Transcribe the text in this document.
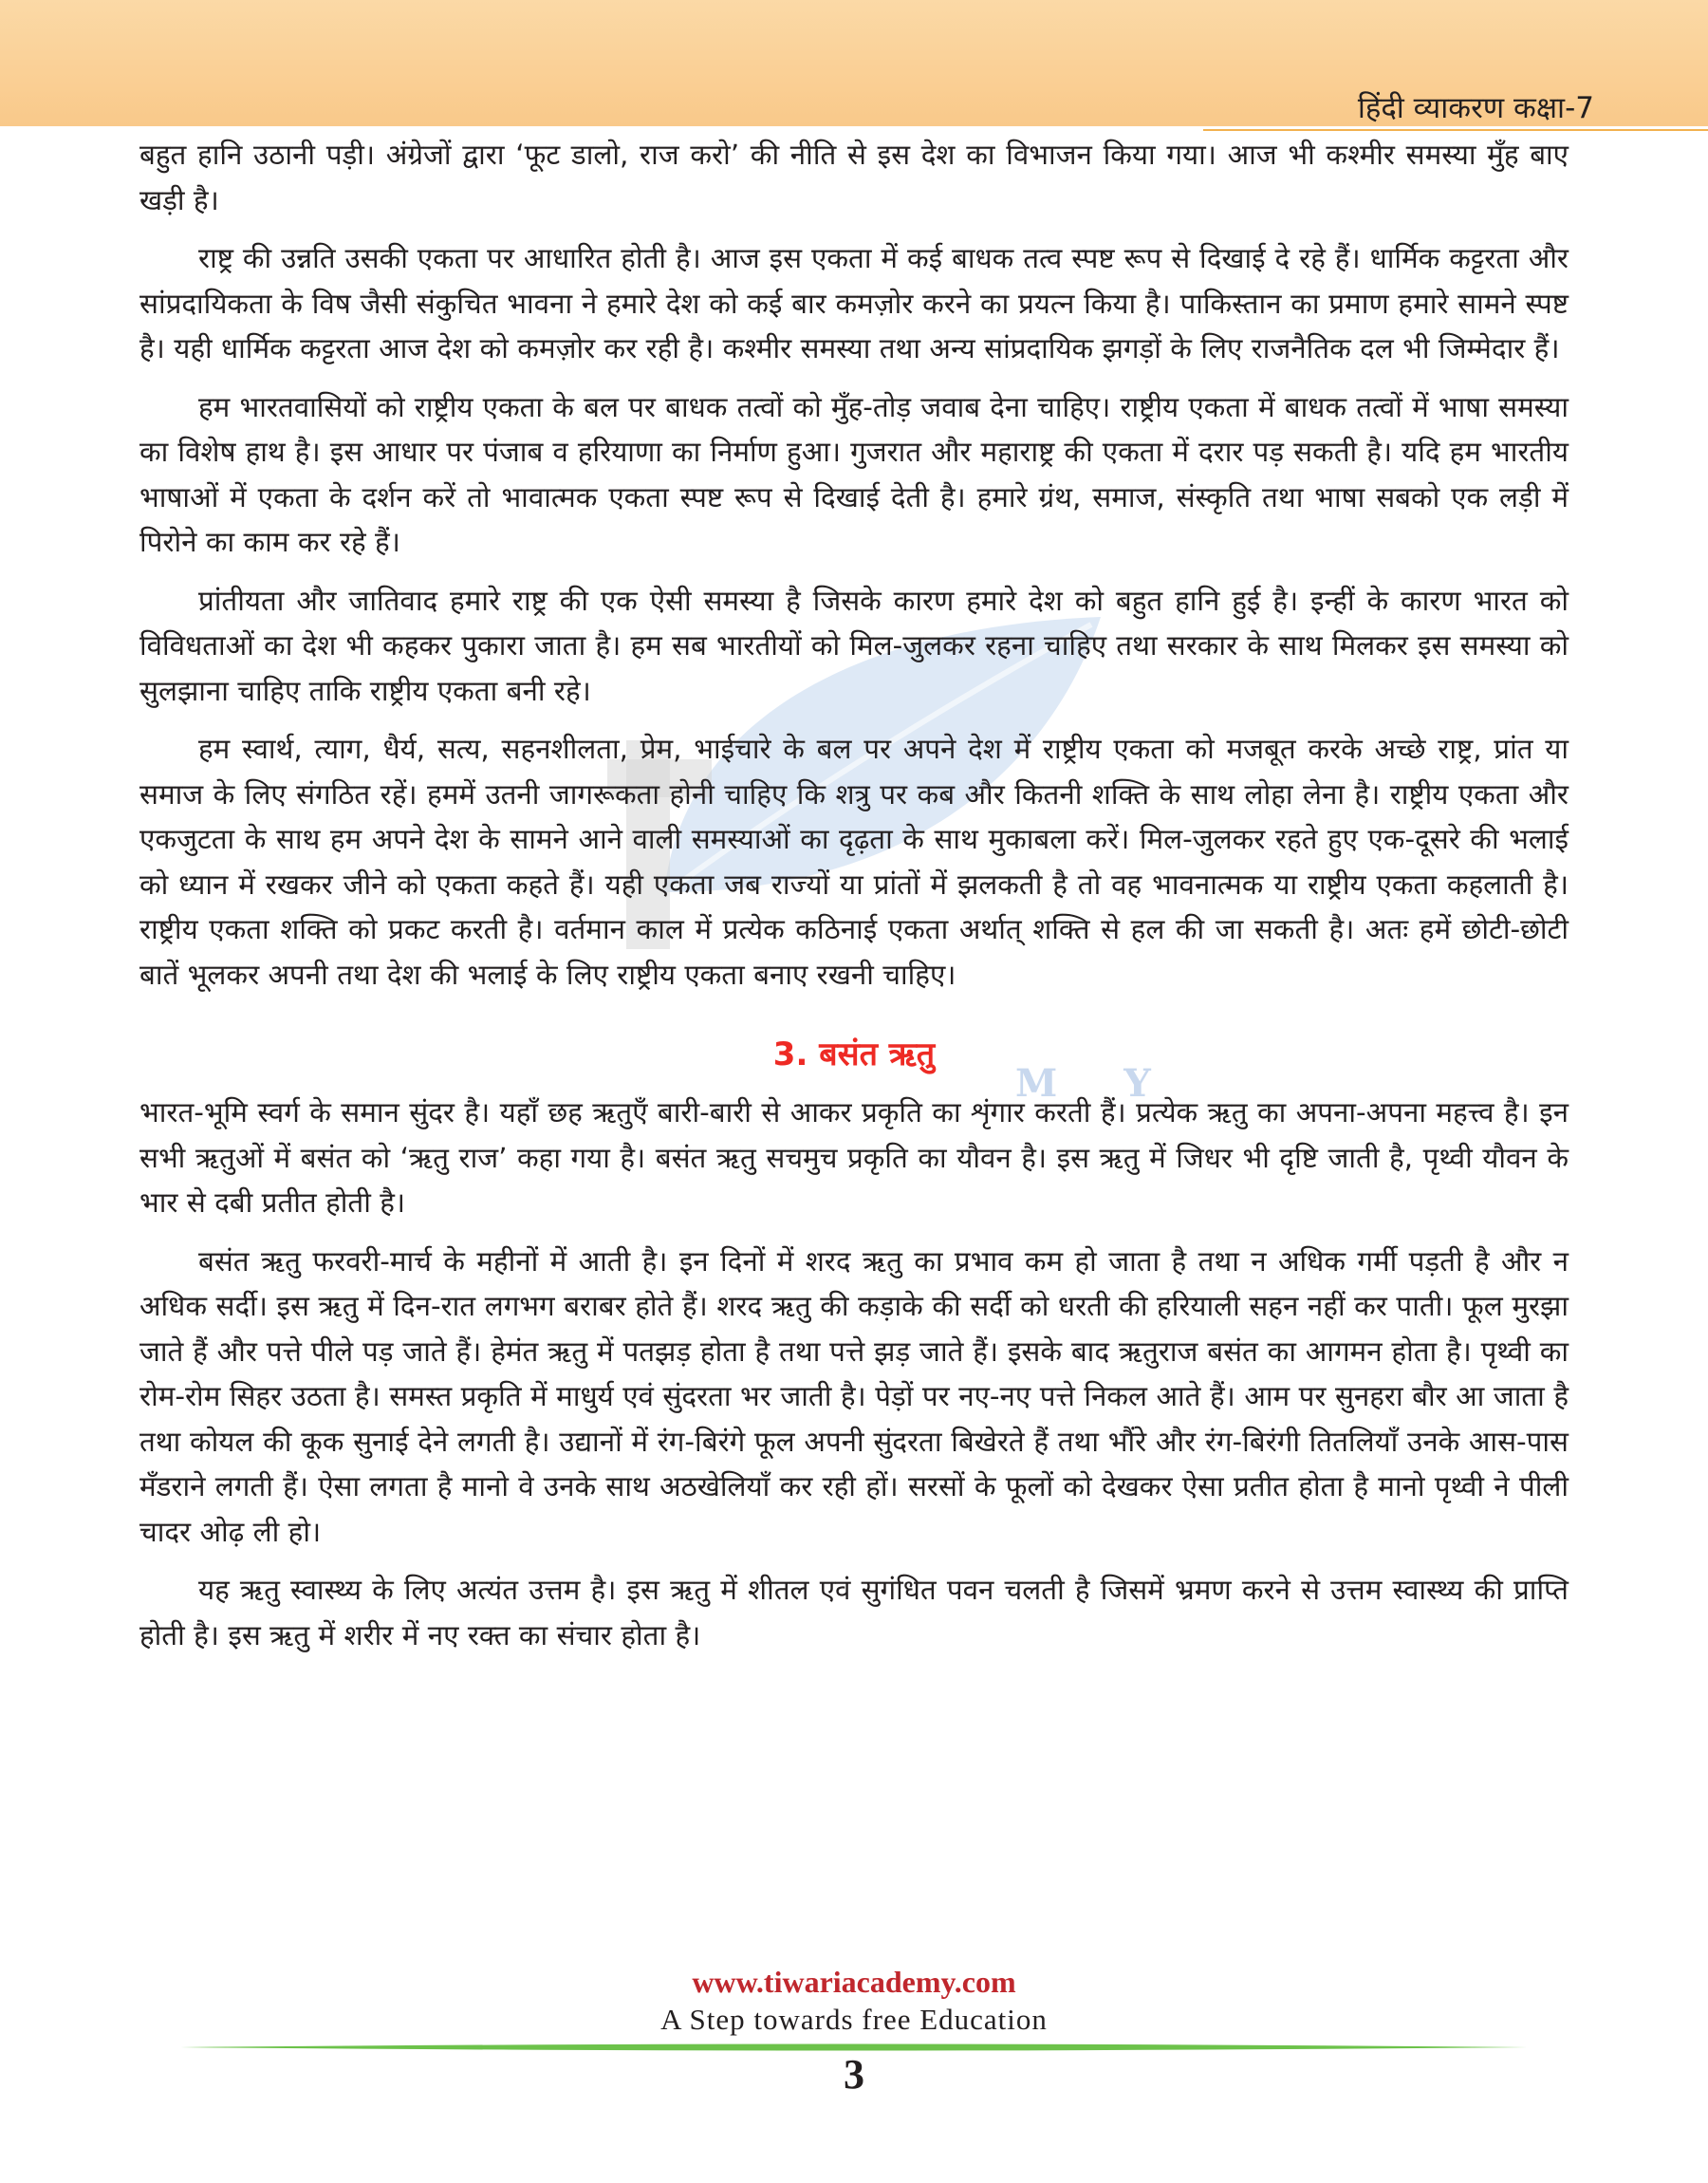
हिंदी व्याकरण कक्षा-7
M Y

बहुत हानि उठानी पड़ी। अंग्रेजों द्वारा ‘फूट डालो, राज करो’ की नीति से इस देश का विभाजन किया गया। आज भी कश्मीर समस्या मुँह बाए खड़ी है।

राष्ट्र की उन्नति उसकी एकता पर आधारित होती है। आज इस एकता में कई बाधक तत्व स्पष्ट रूप से दिखाई दे रहे हैं। धार्मिक कट्टरता और सांप्रदायिकता के विष जैसी संकुचित भावना ने हमारे देश को कई बार कमज़ोर करने का प्रयत्न किया है। पाकिस्तान का प्रमाण हमारे सामने स्पष्ट है। यही धार्मिक कट्टरता आज देश को कमज़ोर कर रही है। कश्मीर समस्या तथा अन्य सांप्रदायिक झगड़ों के लिए राजनैतिक दल भी जिम्मेदार हैं।

हम भारतवासियों को राष्ट्रीय एकता के बल पर बाधक तत्वों को मुँह-तोड़ जवाब देना चाहिए। राष्ट्रीय एकता में बाधक तत्वों में भाषा समस्या का विशेष हाथ है। इस आधार पर पंजाब व हरियाणा का निर्माण हुआ। गुजरात और महाराष्ट्र की एकता में दरार पड़ सकती है। यदि हम भारतीय भाषाओं में एकता के दर्शन करें तो भावात्मक एकता स्पष्ट रूप से दिखाई देती है। हमारे ग्रंथ, समाज, संस्कृति तथा भाषा सबको एक लड़ी में पिरोने का काम कर रहे हैं।

प्रांतीयता और जातिवाद हमारे राष्ट्र की एक ऐसी समस्या है जिसके कारण हमारे देश को बहुत हानि हुई है। इन्हीं के कारण भारत को विविधताओं का देश भी कहकर पुकारा जाता है। हम सब भारतीयों को मिल-जुलकर रहना चाहिए तथा सरकार के साथ मिलकर इस समस्या को सुलझाना चाहिए ताकि राष्ट्रीय एकता बनी रहे।

हम स्वार्थ, त्याग, धैर्य, सत्य, सहनशीलता, प्रेम, भाईचारे के बल पर अपने देश में राष्ट्रीय एकता को मजबूत करके अच्छे राष्ट्र, प्रांत या समाज के लिए संगठित रहें। हममें उतनी जागरूकता होनी चाहिए कि शत्रु पर कब और कितनी शक्ति के साथ लोहा लेना है। राष्ट्रीय एकता और एकजुटता के साथ हम अपने देश के सामने आने वाली समस्याओं का दृढ़ता के साथ मुकाबला करें। मिल-जुलकर रहते हुए एक-दूसरे की भलाई को ध्यान में रखकर जीने को एकता कहते हैं। यही एकता जब राज्यों या प्रांतों में झलकती है तो वह भावनात्मक या राष्ट्रीय एकता कहलाती है। राष्ट्रीय एकता शक्ति को प्रकट करती है। वर्तमान काल में प्रत्येक कठिनाई एकता अर्थात् शक्ति से हल की जा सकती है। अतः हमें छोटी-छोटी बातें भूलकर अपनी तथा देश की भलाई के लिए राष्ट्रीय एकता बनाए रखनी चाहिए।

3. बसंत ऋतु

भारत-भूमि स्वर्ग के समान सुंदर है। यहाँ छह ऋतुएँ बारी-बारी से आकर प्रकृति का शृंगार करती हैं। प्रत्येक ऋतु का अपना-अपना महत्त्व है। इन सभी ऋतुओं में बसंत को ‘ऋतु राज’ कहा गया है। बसंत ऋतु सचमुच प्रकृति का यौवन है। इस ऋतु में जिधर भी दृष्टि जाती है, पृथ्वी यौवन के भार से दबी प्रतीत होती है।

बसंत ऋतु फरवरी-मार्च के महीनों में आती है। इन दिनों में शरद ऋतु का प्रभाव कम हो जाता है तथा न अधिक गर्मी पड़ती है और न अधिक सर्दी। इस ऋतु में दिन-रात लगभग बराबर होते हैं। शरद ऋतु की कड़ाके की सर्दी को धरती की हरियाली सहन नहीं कर पाती। फूल मुरझा जाते हैं और पत्ते पीले पड़ जाते हैं। हेमंत ऋतु में पतझड़ होता है तथा पत्ते झड़ जाते हैं। इसके बाद ऋतुराज बसंत का आगमन होता है। पृथ्वी का रोम-रोम सिहर उठता है। समस्त प्रकृति में माधुर्य एवं सुंदरता भर जाती है। पेड़ों पर नए-नए पत्ते निकल आते हैं। आम पर सुनहरा बौर आ जाता है तथा कोयल की कूक सुनाई देने लगती है। उद्यानों में रंग-बिरंगे फूल अपनी सुंदरता बिखेरते हैं तथा भौंरे और रंग-बिरंगी तितलियाँ उनके आस-पास मँडराने लगती हैं। ऐसा लगता है मानो वे उनके साथ अठखेलियाँ कर रही हों। सरसों के फूलों को देखकर ऐसा प्रतीत होता है मानो पृथ्वी ने पीली चादर ओढ़ ली हो।

यह ऋतु स्वास्थ्य के लिए अत्यंत उत्तम है। इस ऋतु में शीतल एवं सुगंधित पवन चलती है जिसमें भ्रमण करने से उत्तम स्वास्थ्य की प्राप्ति होती है। इस ऋतु में शरीर में नए रक्त का संचार होता है।

www.tiwariacademy.com
A Step towards free Education
3
